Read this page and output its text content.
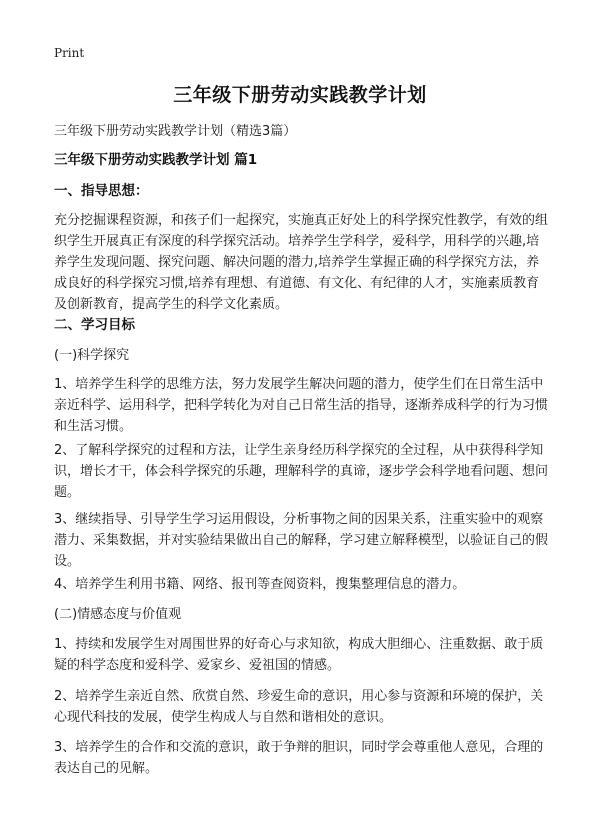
Print
三年级下册劳动实践教学计划
三年级下册劳动实践教学计划（精选3篇）
三年级下册劳动实践教学计划 篇1
一、指导思想：
充分挖掘课程资源，和孩子们一起探究，实施真正好处上的科学探究性教学，有效的组织学生开展真正有深度的科学探究活动。培养学生学科学，爱科学，用科学的兴趣,培养学生发现问题、探究问题、解决问题的潜力,培养学生掌握正确的科学探究方法，养成良好的科学探究习惯,培养有理想、有道德、有文化、有纪律的人才，实施素质教育及创新教育，提高学生的科学文化素质。
二、学习目标
(一)科学探究
1、培养学生科学的思维方法，努力发展学生解决问题的潜力，使学生们在日常生活中亲近科学、运用科学，把科学转化为对自己日常生活的指导，逐渐养成科学的行为习惯和生活习惯。
2、了解科学探究的过程和方法，让学生亲身经历科学探究的全过程，从中获得科学知识，增长才干，体会科学探究的乐趣，理解科学的真谛，逐步学会科学地看问题、想问题。
3、继续指导、引导学生学习运用假设，分析事物之间的因果关系，注重实验中的观察潜力、采集数据，并对实验结果做出自己的解释，学习建立解释模型，以验证自己的假设。
4、培养学生利用书籍、网络、报刊等查阅资料，搜集整理信息的潜力。
(二)情感态度与价值观
1、持续和发展学生对周围世界的好奇心与求知欲，构成大胆细心、注重数据、敢于质疑的科学态度和爱科学、爱家乡、爱祖国的情感。
2、培养学生亲近自然、欣赏自然、珍爱生命的意识，用心参与资源和环境的保护，关心现代科技的发展，使学生构成人与自然和谐相处的意识。
3、培养学生的合作和交流的意识，敢于争辩的胆识，同时学会尊重他人意见，合理的表达自己的见解。
